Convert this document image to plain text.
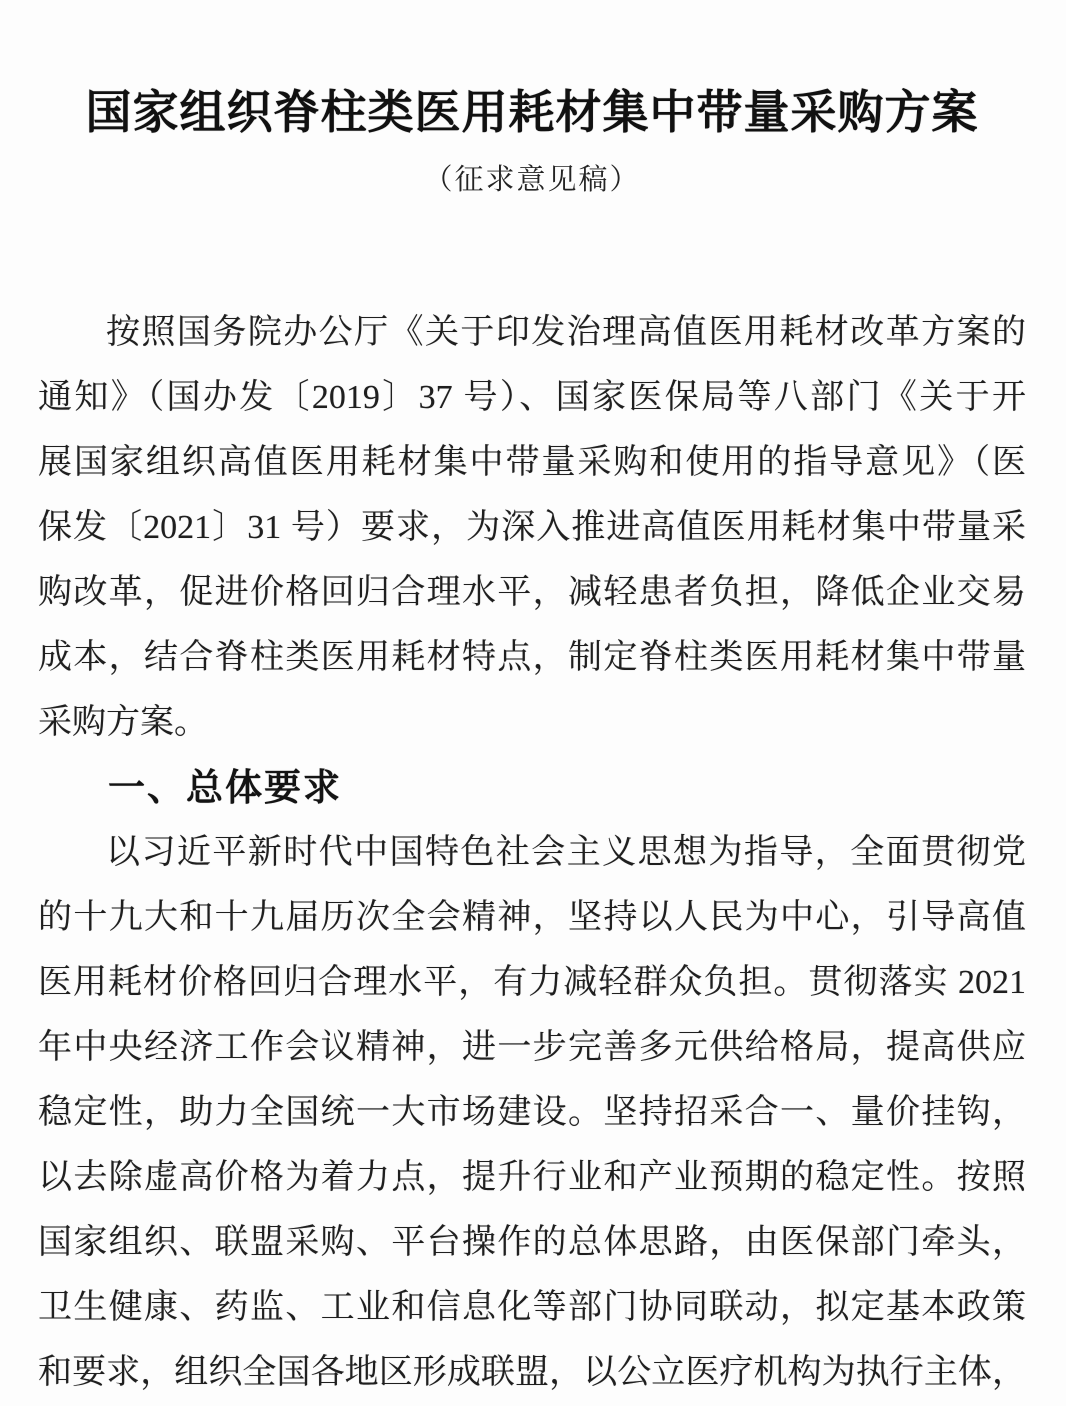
国家组织脊柱类医用耗材集中带量采购方案
（征求意见稿）

按照国务院办公厅《关于印发治理高值医用耗材改革方案的

通知》（国办发〔2019〕37 号）、国家医保局等八部门《关于开

展国家组织高值医用耗材集中带量采购和使用的指导意见》（医

保发〔2021〕31 号）要求，为深入推进高值医用耗材集中带量采

购改革，促进价格回归合理水平，减轻患者负担，降低企业交易

成本，结合脊柱类医用耗材特点，制定脊柱类医用耗材集中带量

采购方案。

一、总体要求

以习近平新时代中国特色社会主义思想为指导，全面贯彻党

的十九大和十九届历次全会精神，坚持以人民为中心，引导高值

医用耗材价格回归合理水平，有力减轻群众负担。贯彻落实 2021

年中央经济工作会议精神，进一步完善多元供给格局，提高供应

稳定性，助力全国统一大市场建设。坚持招采合一、量价挂钩，

以去除虚高价格为着力点，提升行业和产业预期的稳定性。按照

国家组织、联盟采购、平台操作的总体思路，由医保部门牵头，

卫生健康、药监、工业和信息化等部门协同联动，拟定基本政策

和要求，组织全国各地区形成联盟，以公立医疗机构为执行主体，
